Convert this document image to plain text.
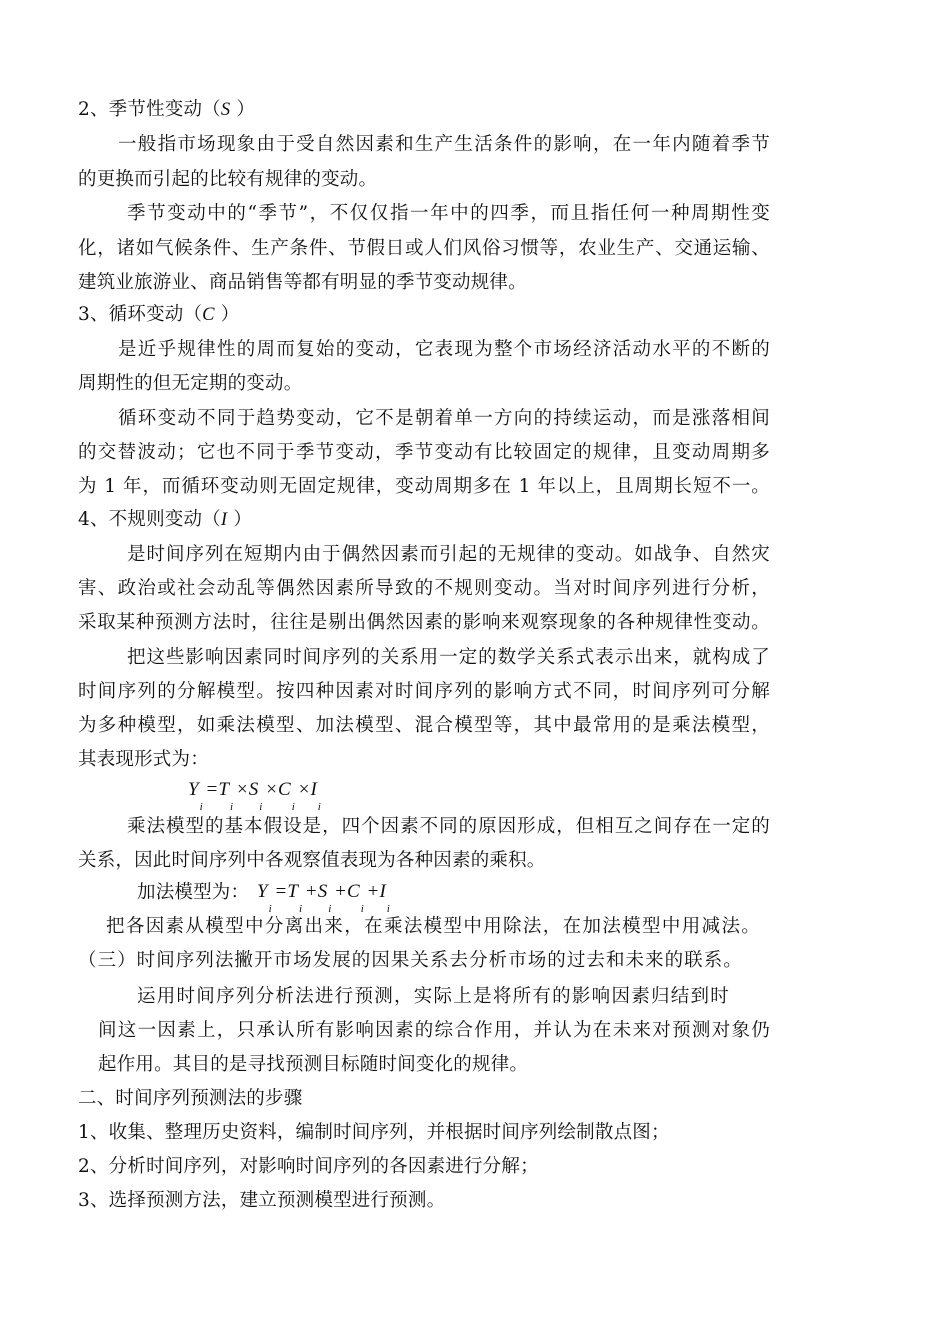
2、季节性变动（S ）
一般指市场现象由于受自然因素和生产生活条件的影响，在一年内随着季节
的更换而引起的比较有规律的变动。
季节变动中的“季节”，不仅仅指一年中的四季，而且指任何一种周期性变
化，诸如气候条件、生产条件、节假日或人们风俗习惯等，农业生产、交通运输、
建筑业旅游业、商品销售等都有明显的季节变动规律。
3、循环变动（C ）
是近乎规律性的周而复始的变动，它表现为整个市场经济活动水平的不断的
周期性的但无定期的变动。
循环变动不同于趋势变动，它不是朝着单一方向的持续运动，而是涨落相间
的交替波动；它也不同于季节变动，季节变动有比较固定的规律，且变动周期多
为 1 年，而循环变动则无固定规律，变动周期多在 1 年以上，且周期长短不一。
4、不规则变动（I ）
是时间序列在短期内由于偶然因素而引起的无规律的变动。如战争、自然灾
害、政治或社会动乱等偶然因素所导致的不规则变动。当对时间序列进行分析，
采取某种预测方法时，往往是剔出偶然因素的影响来观察现象的各种规律性变动。
把这些影响因素同时间序列的关系用一定的数学关系式表示出来，就构成了
时间序列的分解模型。按四种因素对时间序列的影响方式不同，时间序列可分解
为多种模型，如乘法模型、加法模型、混合模型等，其中最常用的是乘法模型，
其表现形式为：
$Y_i=T_i\times S_i\times C_i\times I_i$
乘法模型的基本假设是，四个因素不同的原因形成，但相互之间存在一定的
关系，因此时间序列中各观察值表现为各种因素的乘积。
加法模型为： $Y_i=T_i+S_i+C_i+I_i$
把各因素从模型中分离出来，在乘法模型中用除法，在加法模型中用减法。
（三）时间序列法撇开市场发展的因果关系去分析市场的过去和未来的联系。
运用时间序列分析法进行预测，实际上是将所有的影响因素归结到时
间这一因素上，只承认所有影响因素的综合作用，并认为在未来对预测对象仍
起作用。其目的是寻找预测目标随时间变化的规律。
二、时间序列预测法的步骤
1、收集、整理历史资料，编制时间序列，并根据时间序列绘制散点图；
2、分析时间序列，对影响时间序列的各因素进行分解；
3、选择预测方法，建立预测模型进行预测。
